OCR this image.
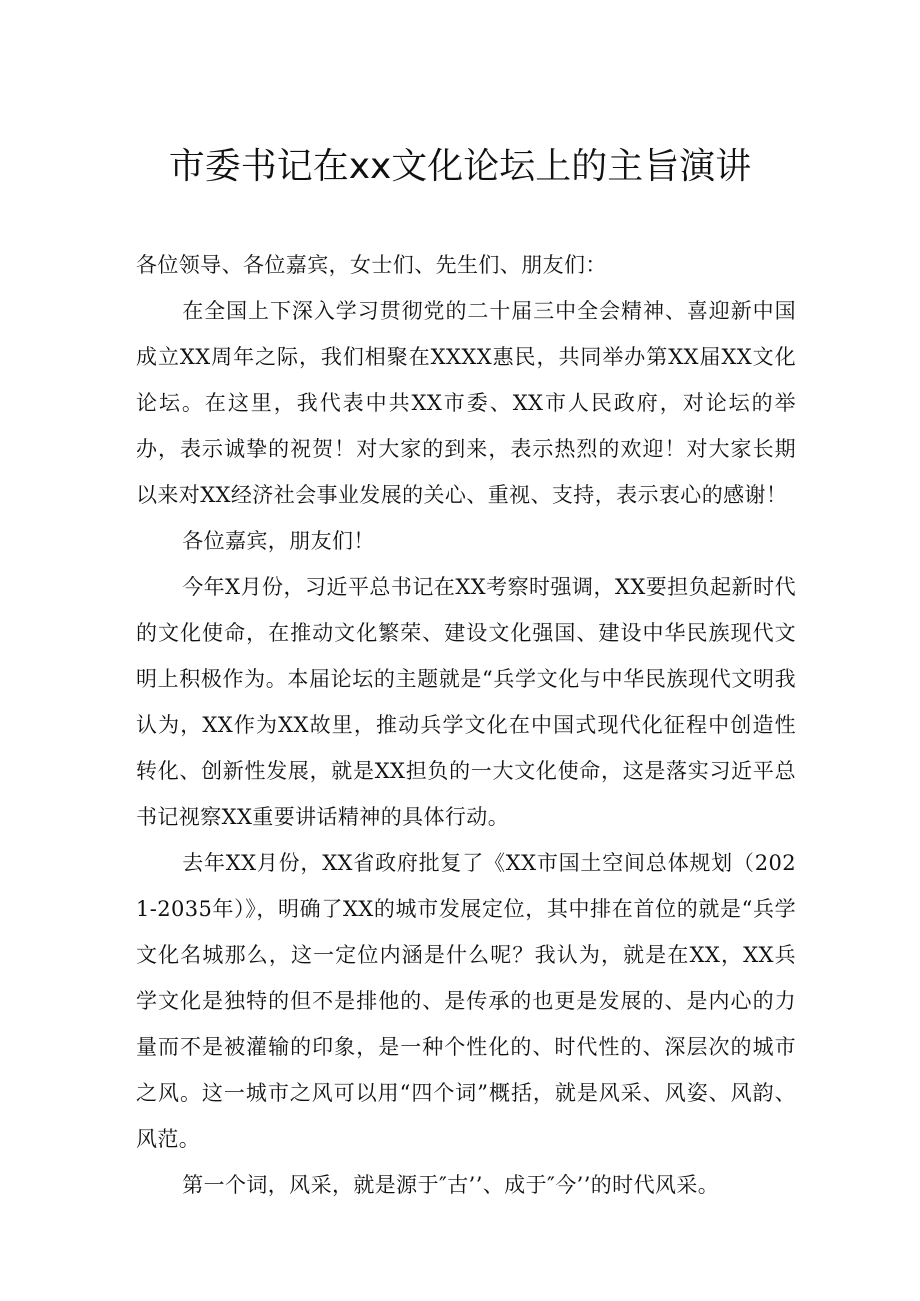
市委书记在xx文化论坛上的主旨演讲

各位领导、各位嘉宾，女士们、先生们、朋友们：

在全国上下深入学习贯彻党的二十届三中全会精神、喜迎新中国成立XX周年之际，我们相聚在XXXX惠民，共同举办第XX届XX文化论坛。在这里，我代表中共XX市委、XX市人民政府，对论坛的举办，表示诚挚的祝贺！对大家的到来，表示热烈的欢迎！对大家长期以来对XX经济社会事业发展的关心、重视、支持，表示衷心的感谢！

各位嘉宾，朋友们！

今年X月份，习近平总书记在XX考察时强调，XX要担负起新时代的文化使命，在推动文化繁荣、建设文化强国、建设中华民族现代文明上积极作为。本届论坛的主题就是“兵学文化与中华民族现代文明我认为，XX作为XX故里，推动兵学文化在中国式现代化征程中创造性转化、创新性发展，就是XX担负的一大文化使命，这是落实习近平总书记视察XX重要讲话精神的具体行动。

去年XX月份，XX省政府批复了《XX市国土空间总体规划（2021-2035年）》，明确了XX的城市发展定位，其中排在首位的就是“兵学文化名城那么，这一定位内涵是什么呢？我认为，就是在XX，XX兵学文化是独特的但不是排他的、是传承的也更是发展的、是内心的力量而不是被灌输的印象，是一种个性化的、时代性的、深层次的城市之风。这一城市之风可以用“四个词”概括，就是风采、风姿、风韵、风范。

第一个词，风采，就是源于″古’’、成于″今’’的时代风采。
